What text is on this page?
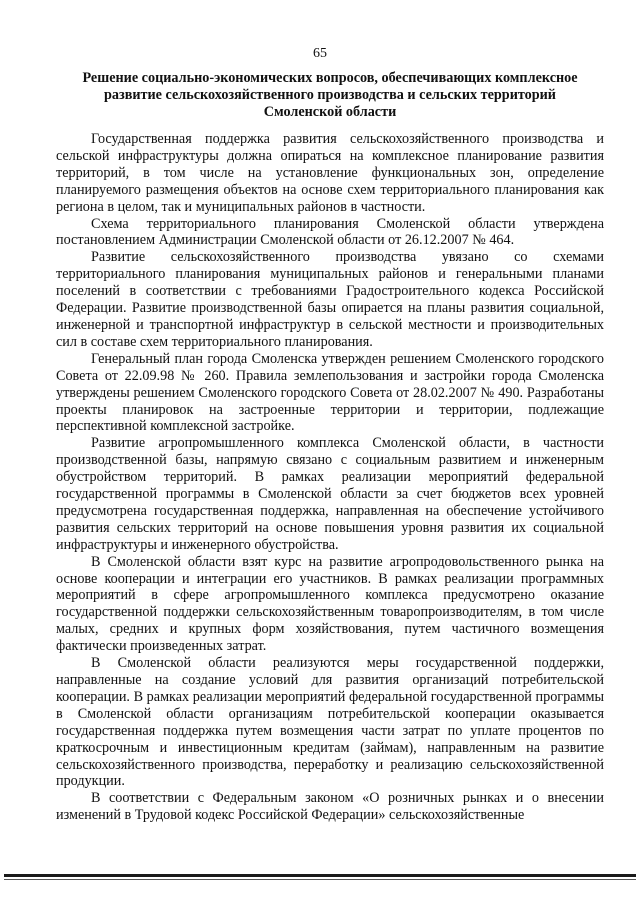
65
Решение социально-экономических вопросов, обеспечивающих комплексное
развитие сельскохозяйственного производства и сельских территорий
Смоленской области

Государственная поддержка развития сельскохозяйственного производства и сельской инфраструктуры должна опираться на комплексное планирование развития территорий, в том числе на установление функциональных зон, определение планируемого размещения объектов на основе схем территориального планирования как региона в целом, так и муниципальных районов в частности.

Схема территориального планирования Смоленской области утверждена постановлением Администрации Смоленской области от 26.12.2007 № 464.

Развитие сельскохозяйственного производства увязано со схемами территориального планирования муниципальных районов и генеральными планами поселений в соответствии с требованиями Градостроительного кодекса Российской Федерации. Развитие производственной базы опирается на планы развития социальной, инженерной и транспортной инфраструктур в сельской местности и производительных сил в составе схем территориального планирования.

Генеральный план города Смоленска утвержден решением Смоленского городского Совета от 22.09.98 № 260. Правила землепользования и застройки города Смоленска утверждены решением Смоленского городского Совета от 28.02.2007 № 490. Разработаны проекты планировок на застроенные территории и территории, подлежащие перспективной комплексной застройке.

Развитие агропромышленного комплекса Смоленской области, в частности производственной базы, напрямую связано с социальным развитием и инженерным обустройством территорий. В рамках реализации мероприятий федеральной государственной программы в Смоленской области за счет бюджетов всех уровней предусмотрена государственная поддержка, направленная на обеспечение устойчивого развития сельских территорий на основе повышения уровня развития их социальной инфраструктуры и инженерного обустройства.

В Смоленской области взят курс на развитие агропродовольственного рынка на основе кооперации и интеграции его участников. В рамках реализации программных мероприятий в сфере агропромышленного комплекса предусмотрено оказание государственной поддержки сельскохозяйственным товаропроизводителям, в том числе малых, средних и крупных форм хозяйствования, путем частичного возмещения фактически произведенных затрат.

В Смоленской области реализуются меры государственной поддержки, направленные на создание условий для развития организаций потребительской кооперации. В рамках реализации мероприятий федеральной государственной программы в Смоленской области организациям потребительской кооперации оказывается государственная поддержка путем возмещения части затрат по уплате процентов по краткосрочным и инвестиционным кредитам (займам), направленным на развитие сельскохозяйственного производства, переработку и реализацию сельскохозяйственной продукции.

В соответствии с Федеральным законом «О розничных рынках и о внесении изменений в Трудовой кодекс Российской Федерации» сельскохозяйственные
